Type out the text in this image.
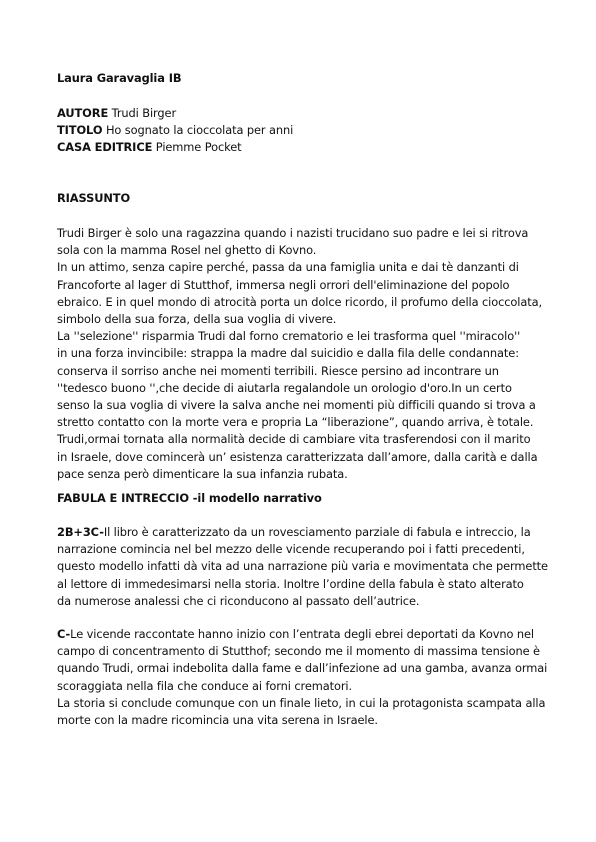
Laura Garavaglia IB
AUTORE Trudi Birger
TITOLO Ho sognato la cioccolata per anni
CASA EDITRICE Piemme Pocket
RIASSUNTO
Trudi Birger è solo una ragazzina quando i nazisti trucidano suo padre e lei si ritrova
sola con la mamma Rosel nel ghetto di Kovno.
In un attimo, senza capire perché, passa da una famiglia unita e dai tè danzanti di
Francoforte al lager di Stutthof, immersa negli orrori dell'eliminazione del popolo
ebraico. E in quel mondo di atrocità porta un dolce ricordo, il profumo della cioccolata,
simbolo della sua forza, della sua voglia di vivere.
La ''selezione'' risparmia Trudi dal forno crematorio e lei trasforma quel ''miracolo''
in una forza invincibile: strappa la madre dal suicidio e dalla fila delle condannate:
conserva il sorriso anche nei momenti terribili. Riesce persino ad incontrare un
''tedesco buono '',che decide di aiutarla regalandole un orologio d'oro.In un certo
senso la sua voglia di vivere la salva anche nei momenti più difficili quando si trova a
stretto contatto con la morte vera e propria La “liberazione”, quando arriva, è totale.
Trudi,ormai tornata alla normalità decide di cambiare vita trasferendosi con il marito
in Israele, dove comincerà un’ esistenza caratterizzata dall’amore, dalla carità e dalla
pace senza però dimenticare la sua infanzia rubata.
FABULA E INTRECCIO -il modello narrativo
2B+3C-Il libro è caratterizzato da un rovesciamento parziale di fabula e intreccio, la
narrazione comincia nel bel mezzo delle vicende recuperando poi i fatti precedenti,
questo modello infatti dà vita ad una narrazione più varia e movimentata che permette
al lettore di immedesimarsi nella storia. Inoltre l’ordine della fabula è stato alterato
da numerose analessi che ci riconducono al passato dell’autrice.
C-Le vicende raccontate hanno inizio con l’entrata degli ebrei deportati da Kovno nel
campo di concentramento di Stutthof; secondo me il momento di massima tensione è
quando Trudi, ormai indebolita dalla fame e dall’infezione ad una gamba, avanza ormai
scoraggiata nella fila che conduce ai forni crematori.
La storia si conclude comunque con un finale lieto, in cui la protagonista scampata alla
morte con la madre ricomincia una vita serena in Israele.
